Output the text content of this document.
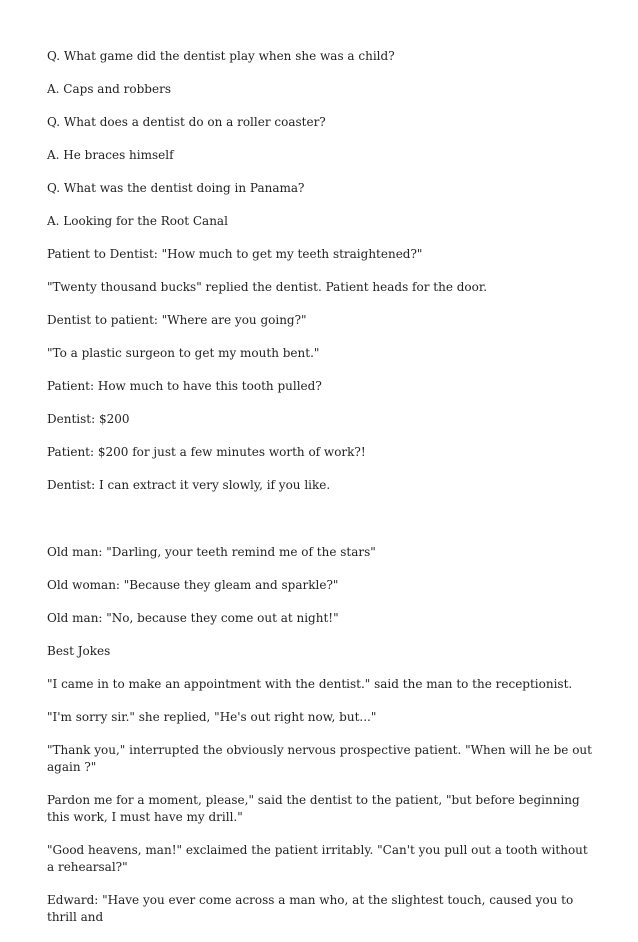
Q. What game did the dentist play when she was a child?

A. Caps and robbers

Q. What does a dentist do on a roller coaster?

A. He braces himself

Q. What was the dentist doing in Panama?

A. Looking for the Root Canal

Patient to Dentist: "How much to get my teeth straightened?"

"Twenty thousand bucks" replied the dentist. Patient heads for the door.

Dentist to patient: "Where are you going?"

"To a plastic surgeon to get my mouth bent."

Patient: How much to have this tooth pulled?

Dentist: $200

Patient: $200 for just a few minutes worth of work?!

Dentist: I can extract it very slowly, if you like.

Old man: "Darling, your teeth remind me of the stars"

Old woman: "Because they gleam and sparkle?"

Old man: "No, because they come out at night!"

Best Jokes

"I came in to make an appointment with the dentist." said the man to the receptionist.

"I'm sorry sir." she replied, "He's out right now, but..."

"Thank you," interrupted the obviously nervous prospective patient. "When will he be out again ?"

Pardon me for a moment, please," said the dentist to the patient, "but before beginning this work, I must have my drill."

"Good heavens, man!" exclaimed the patient irritably. "Can't you pull out a tooth without a rehearsal?"

Edward: "Have you ever come across a man who, at the slightest touch, caused you to thrill and
